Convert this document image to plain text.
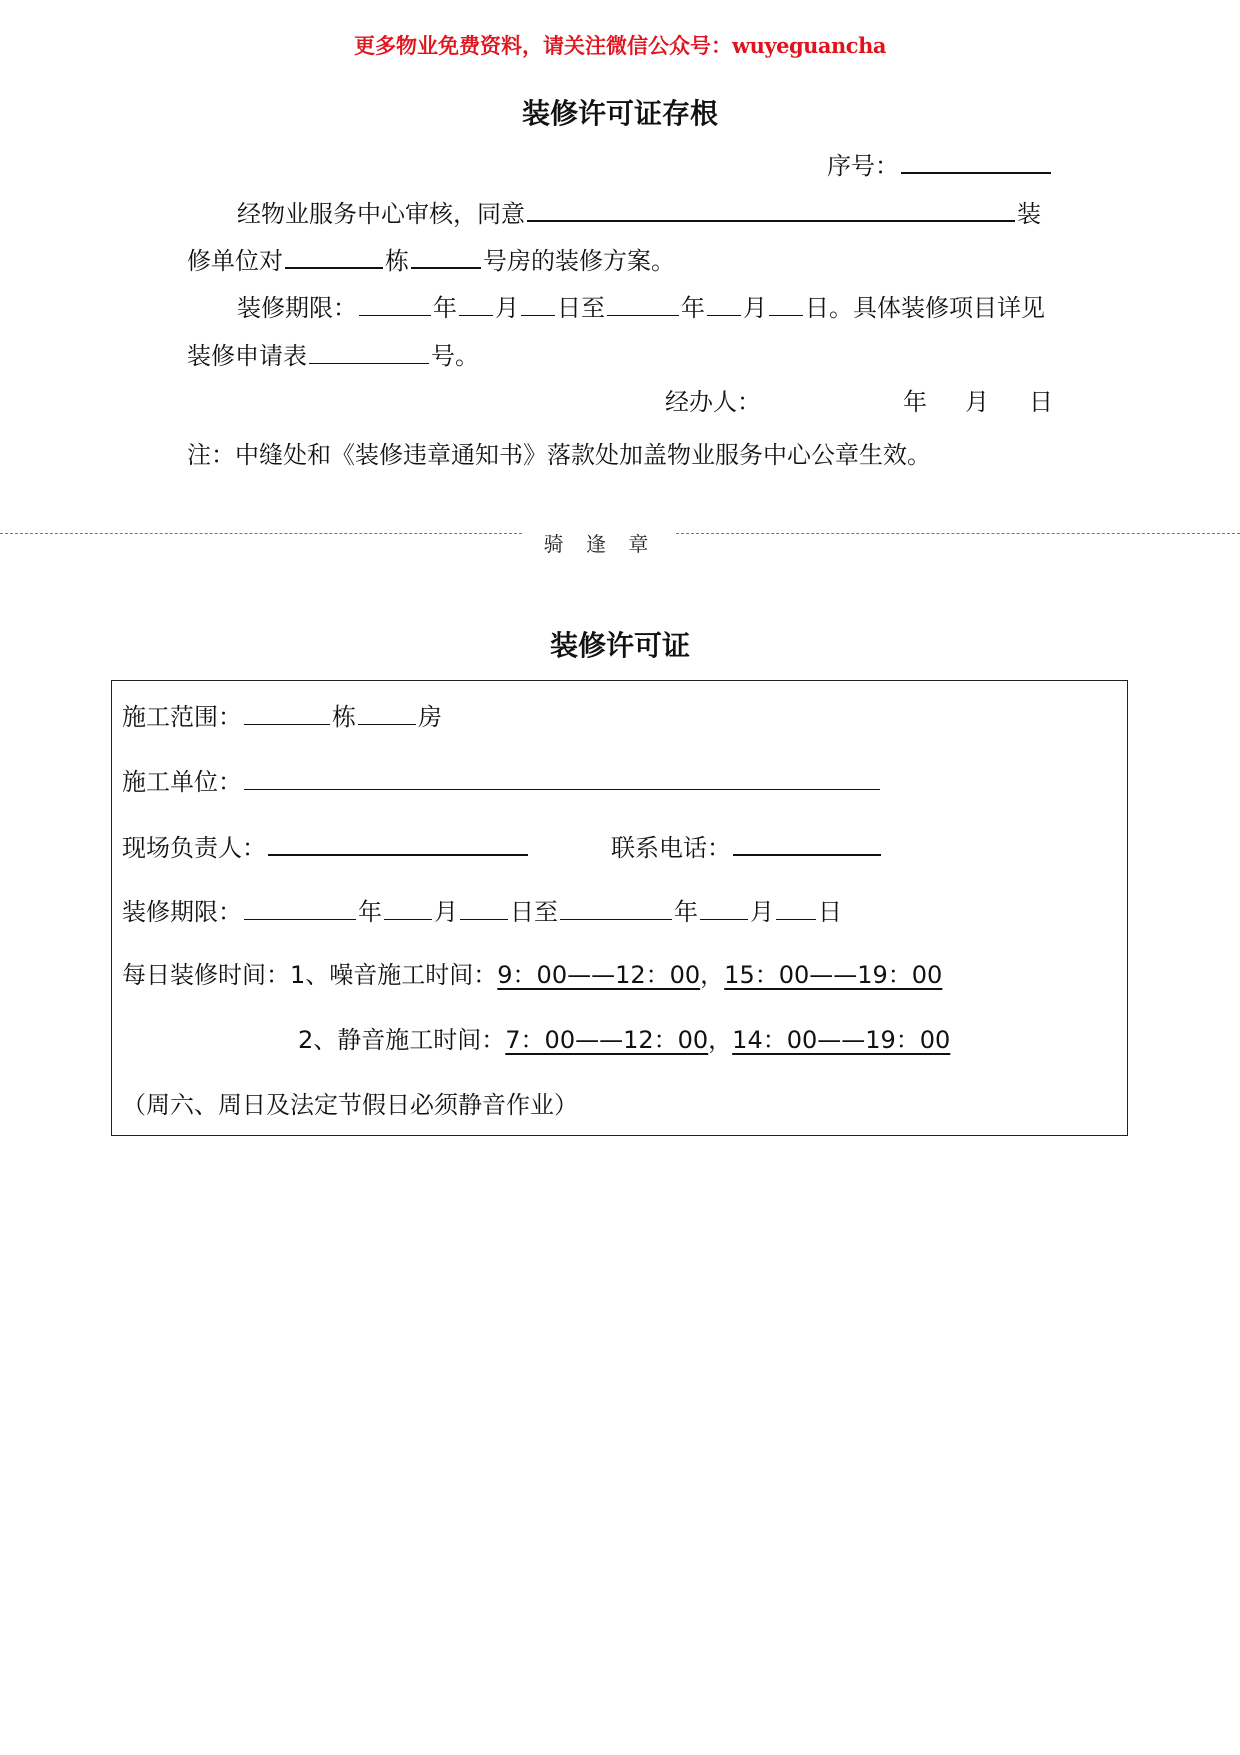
更多物业免费资料，请关注微信公众号：wuyeguancha
装修许可证存根
序号：
经物业服务中心审核，同意	装
修单位对	栋	号房的装修方案。
装修期限：	年 月 日至	年 月 日。具体装修项目详见
装修申请表	号。
经办人：	年 月 日
注：中缝处和《装修违章通知书》落款处加盖物业服务中心公章生效。
骑 逢 章
装修许可证
施工范围：	栋	房
施工单位：
现场负责人：	联系电话：
装修期限：	年 月 日至	年 月 日
每日装修时间：1、噪音施工时间：9：00——12：00，15：00——19：00
2、静音施工时间：7：00——12：00，14：00——19：00
（周六、周日及法定节假日必须静音作业）
